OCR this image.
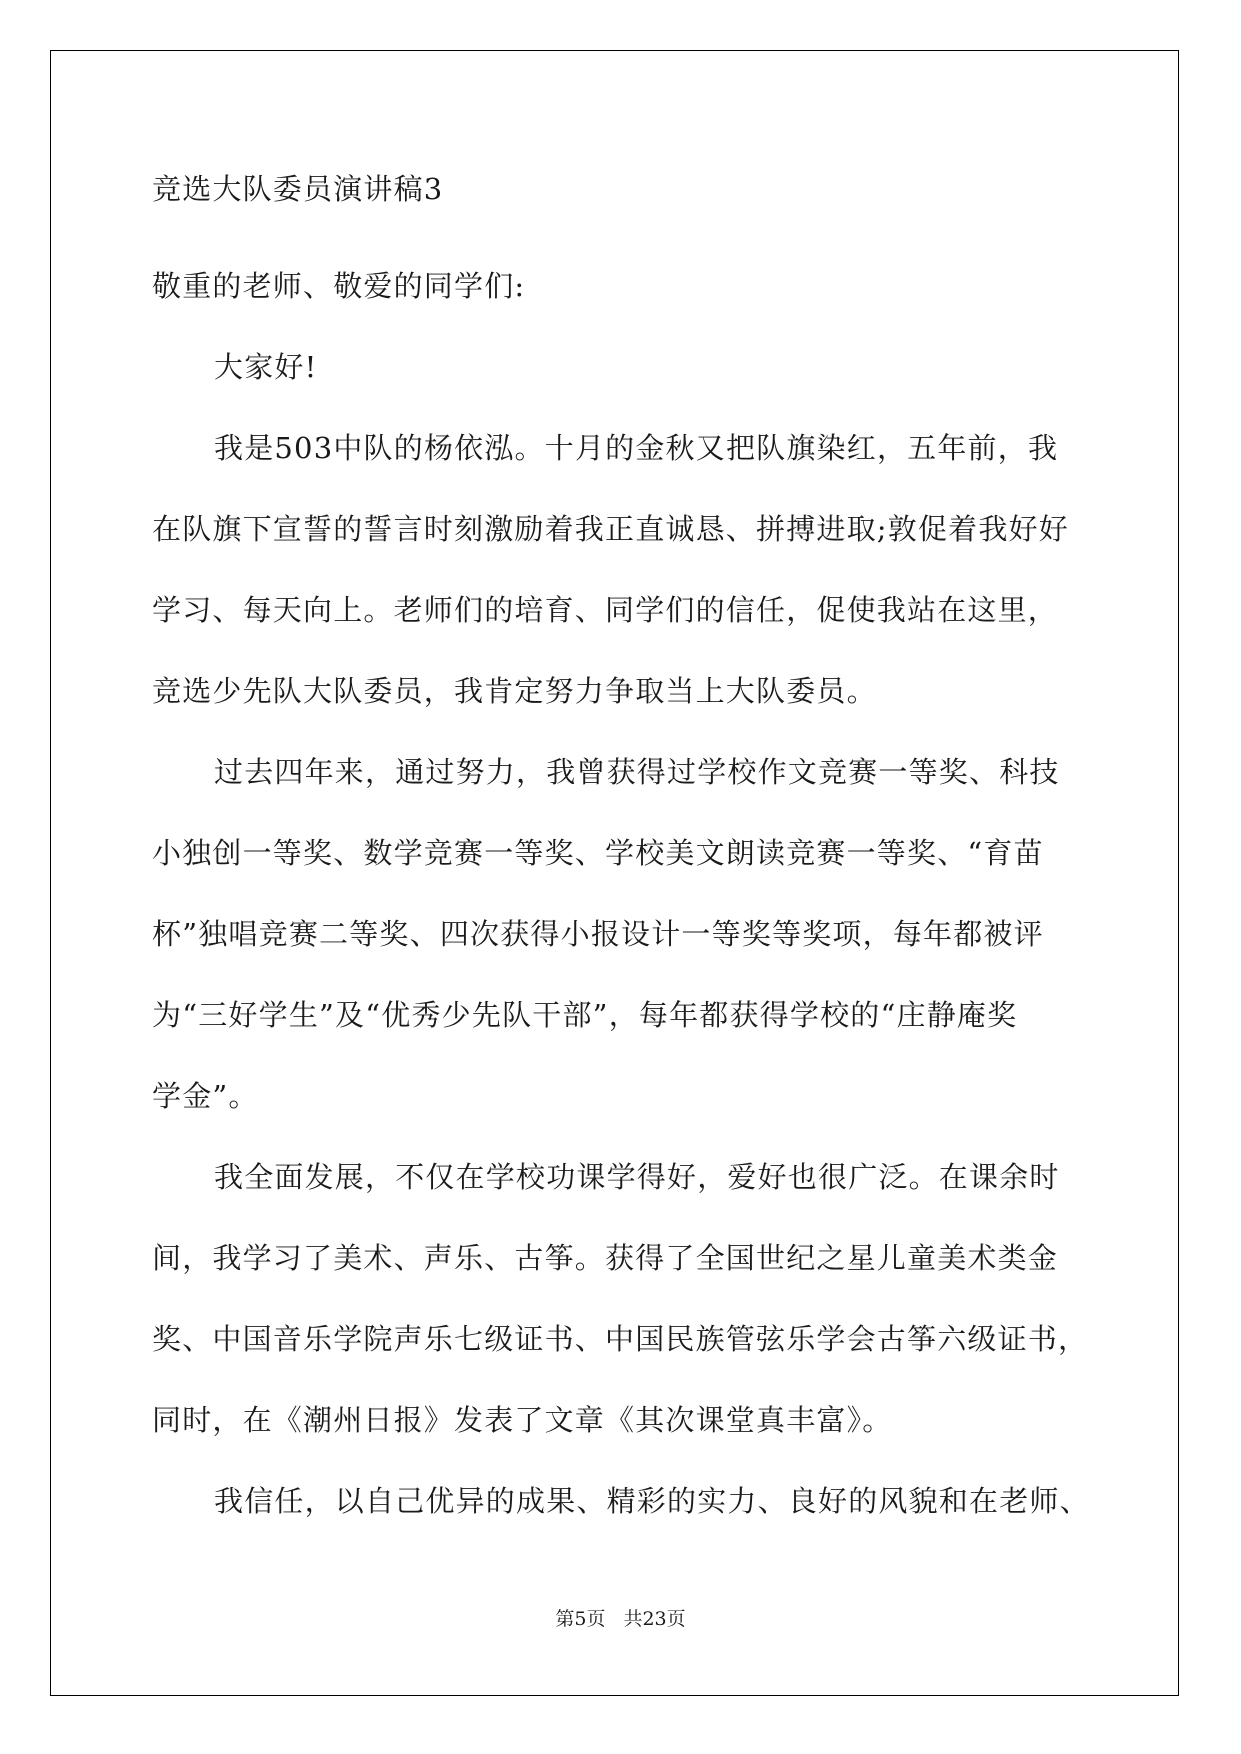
竞选大队委员演讲稿3
敬重的老师、敬爱的同学们:
大家好!
我是503中队的杨依泓。十月的金秋又把队旗染红，五年前，我
在队旗下宣誓的誓言时刻激励着我正直诚恳、拼搏进取;敦促着我好好
学习、每天向上。老师们的培育、同学们的信任，促使我站在这里，
竞选少先队大队委员，我肯定努力争取当上大队委员。
过去四年来，通过努力，我曾获得过学校作文竞赛一等奖、科技
小独创一等奖、数学竞赛一等奖、学校美文朗读竞赛一等奖、“育苗
杯”独唱竞赛二等奖、四次获得小报设计一等奖等奖项，每年都被评
为“三好学生”及“优秀少先队干部”，每年都获得学校的“庄静庵奖
学金”。
我全面发展，不仅在学校功课学得好，爱好也很广泛。在课余时
间，我学习了美术、声乐、古筝。获得了全国世纪之星儿童美术类金
奖、中国音乐学院声乐七级证书、中国民族管弦乐学会古筝六级证书，
同时，在《潮州日报》发表了文章《其次课堂真丰富》。
我信任，以自己优异的成果、精彩的实力、良好的风貌和在老师、
第5页 共23页
